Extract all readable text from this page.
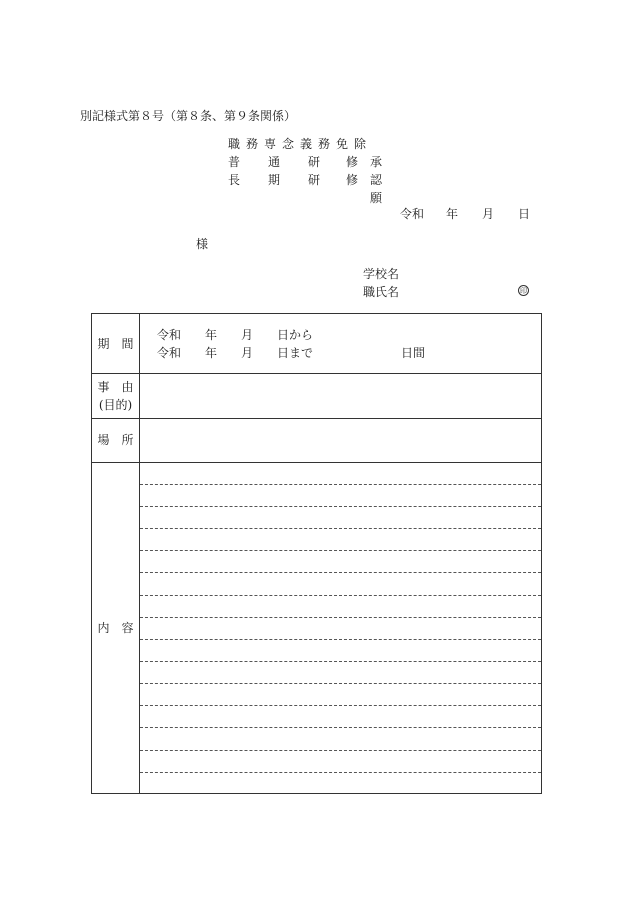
別記様式第８号（第８条、第９条関係）
職 務 専 念 義 務 免 除
普 通 研 修 承認願
長 期 研 修
令和 年 月 日
様
学校名
職氏名	印
期　間
令和 年 月 日から
令和 年 月 日まで	日間
事　由
(目的)
場　所
内　容
